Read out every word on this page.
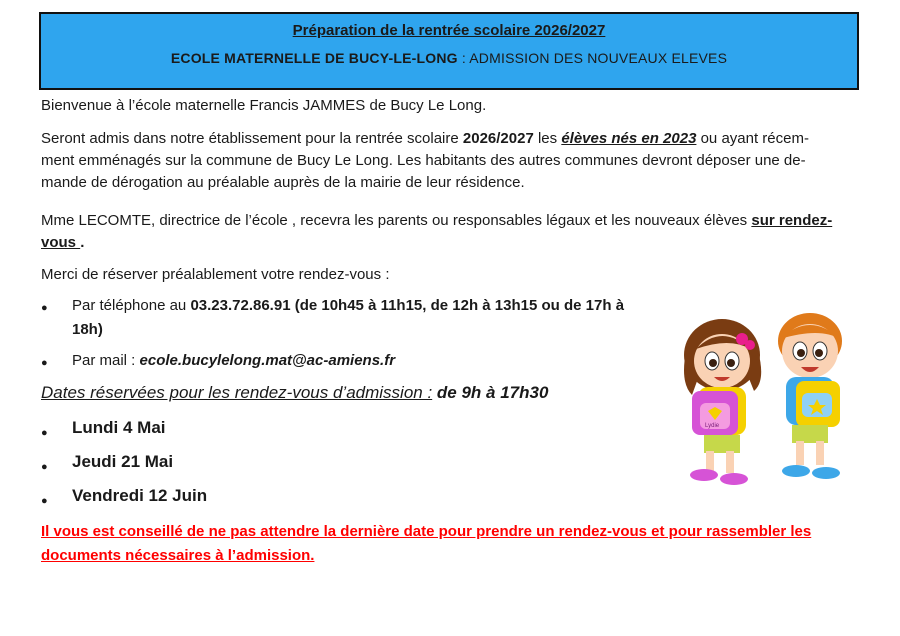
Préparation de la rentrée scolaire 2026/2027
ECOLE MATERNELLE DE BUCY-LE-LONG : ADMISSION DES NOUVEAUX ELEVES

Bienvenue à l’école maternelle Francis JAMMES de Bucy Le Long.

Seront admis dans notre établissement pour la rentrée scolaire 2026/2027 les élèves nés en 2023 ou ayant récem-
ment emménagés sur la commune de Bucy Le Long. Les habitants des autres communes devront déposer une de-
mande de dérogation au préalable auprès de la mairie de leur résidence.

Mme LECOMTE, directrice de l’école , recevra les parents ou responsables légaux et les nouveaux élèves sur rendez-
vous .

Merci de réserver préalablement votre rendez-vous :

● Par téléphone au 03.23.72.86.91 (de 10h45 à 11h15, de 12h à 13h15 ou de 17h à
18h)
● Par mail : ecole.bucylelong.mat@ac-amiens.fr
Dates réservées pour les rendez-vous d’admission : de 9h à 17h30
● Lundi 4 Mai
● Jeudi 21 Mai
● Vendredi 12 Juin
Il vous est conseillé de ne pas attendre la dernière date pour prendre un rendez-vous et pour rassembler les
documents nécessaires à l’admission.
Lydie
